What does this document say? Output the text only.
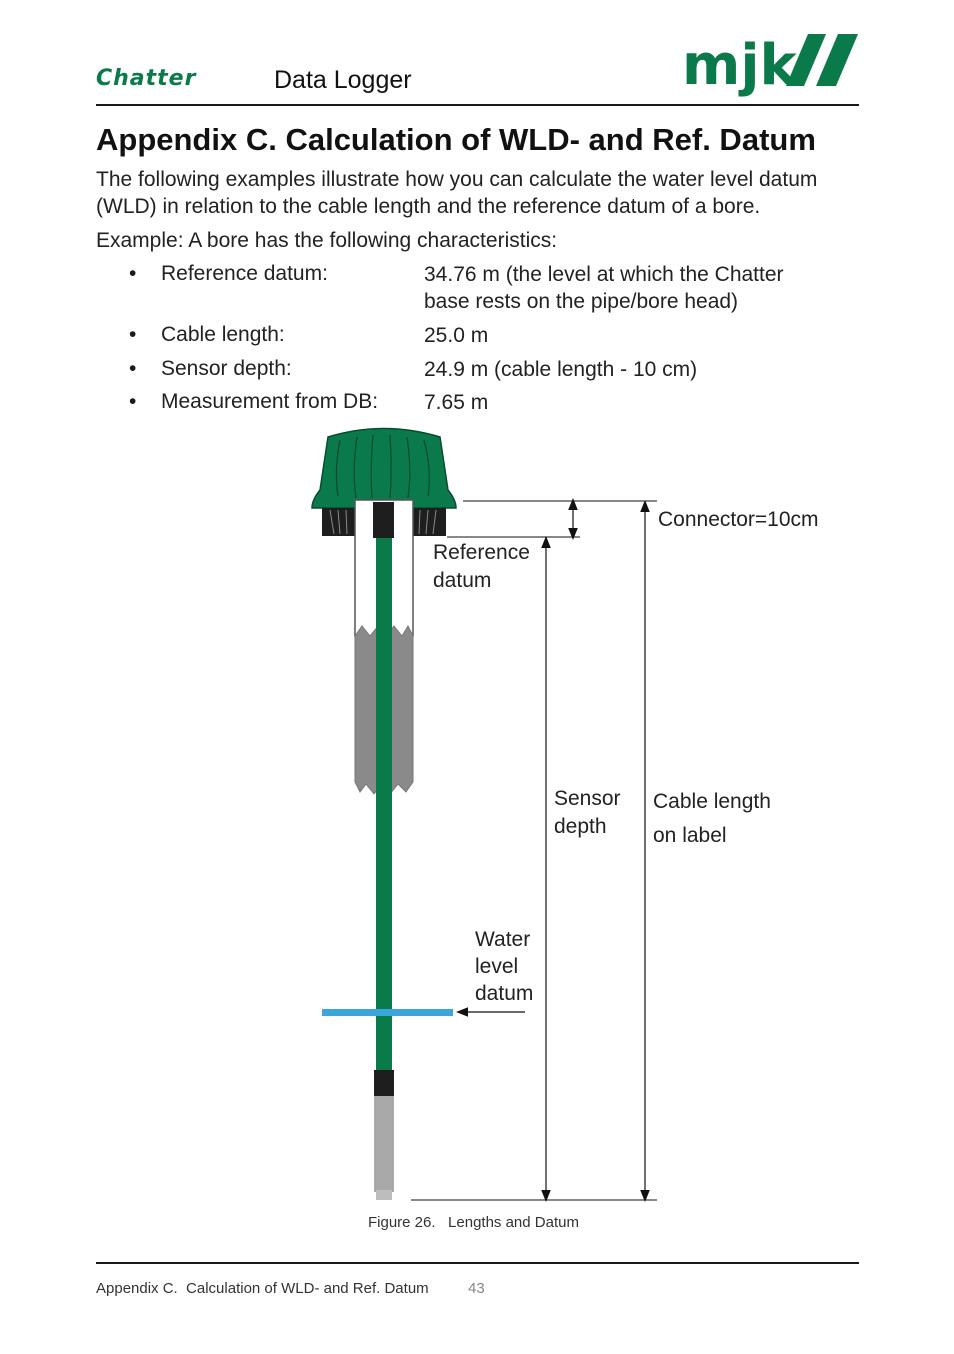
Chatter	Data Logger	mjk
Appendix C. Calculation of WLD- and Ref. Datum
The following examples illustrate how you can calculate the water level datum
(WLD) in relation to the cable length and the reference datum of a bore.
Example: A bore has the following characteristics:
• Reference datum:	34.76 m (the level at which the Chatter
base rests on the pipe/bore head)
• Cable length:	25.0 m
• Sensor depth:	24.9 m (cable length - 10 cm)
• Measurement from DB: 7.65 m
Connector=10cm
Reference
datum
Sensor
depth
Cable length
on label
Water
level
datum
Figure 26.   Lengths and Datum
Appendix C.  Calculation of WLD- and Ref. Datum	43
